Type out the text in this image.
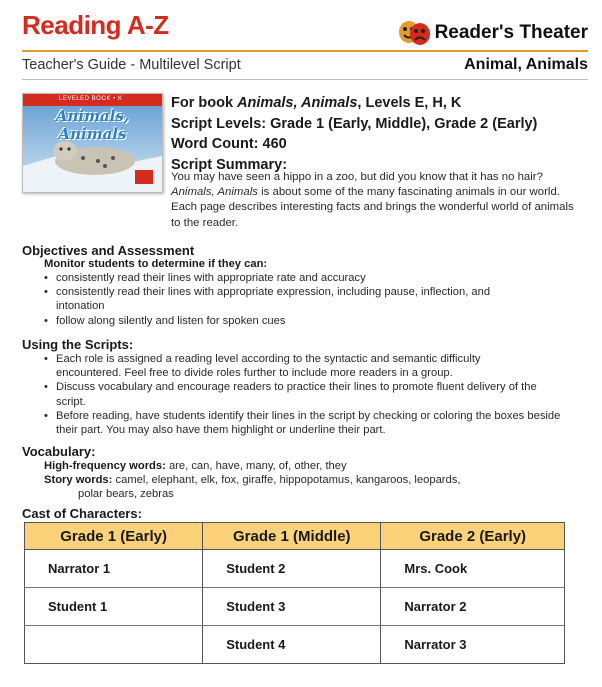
Reading A-Z	Reader's Theater
Teacher's Guide - Multilevel Script	Animal, Animals
LEVELED BOOK • K
Animals, Animals
For book Animals, Animals, Levels E, H, K
Script Levels: Grade 1 (Early, Middle), Grade 2 (Early)
Word Count: 460
Script Summary:
You may have seen a hippo in a zoo, but did you know that it has no hair? Animals, Animals is about some of the many fascinating animals in our world. Each page describes interesting facts and brings the wonderful world of animals to the reader.
Objectives and Assessment
Monitor students to determine if they can:
• consistently read their lines with appropriate rate and accuracy
• consistently read their lines with appropriate expression, including pause, inflection, and intonation
• follow along silently and listen for spoken cues
Using the Scripts:
• Each role is assigned a reading level according to the syntactic and semantic difficulty encountered. Feel free to divide roles further to include more readers in a group.
• Discuss vocabulary and encourage readers to practice their lines to promote fluent delivery of the script.
• Before reading, have students identify their lines in the script by checking or coloring the boxes beside their part. You may also have them highlight or underline their part.
Vocabulary:
High-frequency words: are, can, have, many, of, other, they
Story words: camel, elephant, elk, fox, giraffe, hippopotamus, kangaroos, leopards,
polar bears, zebras
Cast of Characters:
Grade 1 (Early)	Grade 1 (Middle)	Grade 2 (Early)
Narrator 1	Student 2	Mrs. Cook
Student 1	Student 3	Narrator 2
	Student 4	Narrator 3
